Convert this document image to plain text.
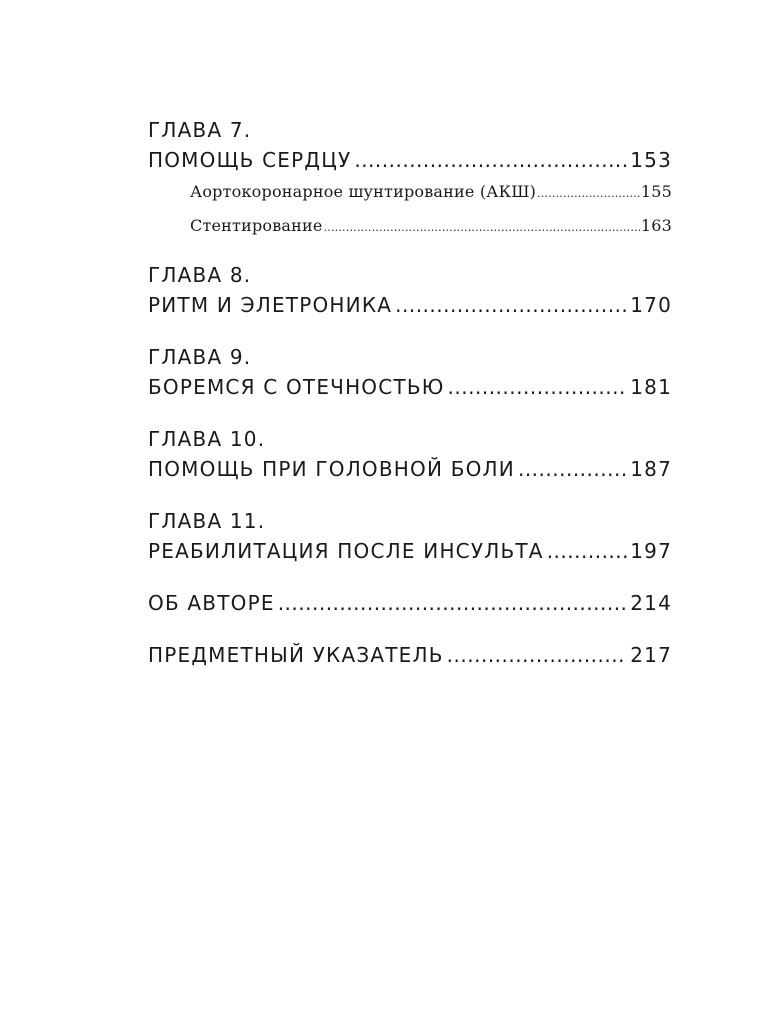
ГЛАВА 7.
ПОМОЩЬ СЕРДЦУ .....	153
Аортокоронарное шунтирование (АКШ) .....	155
Стентирование .....	163
ГЛАВА 8.
РИТМ И ЭЛЕТРОНИКА .....	170
ГЛАВА 9.
БОРЕМСЯ С ОТЕЧНОСТЬЮ .....	181
ГЛАВА 10.
ПОМОЩЬ ПРИ ГОЛОВНОЙ БОЛИ .....	187
ГЛАВА 11.
РЕАБИЛИТАЦИЯ ПОСЛЕ ИНСУЛЬТА .....	197
ОБ АВТОРЕ .....	214
ПРЕДМЕТНЫЙ УКАЗАТЕЛЬ .....	217
